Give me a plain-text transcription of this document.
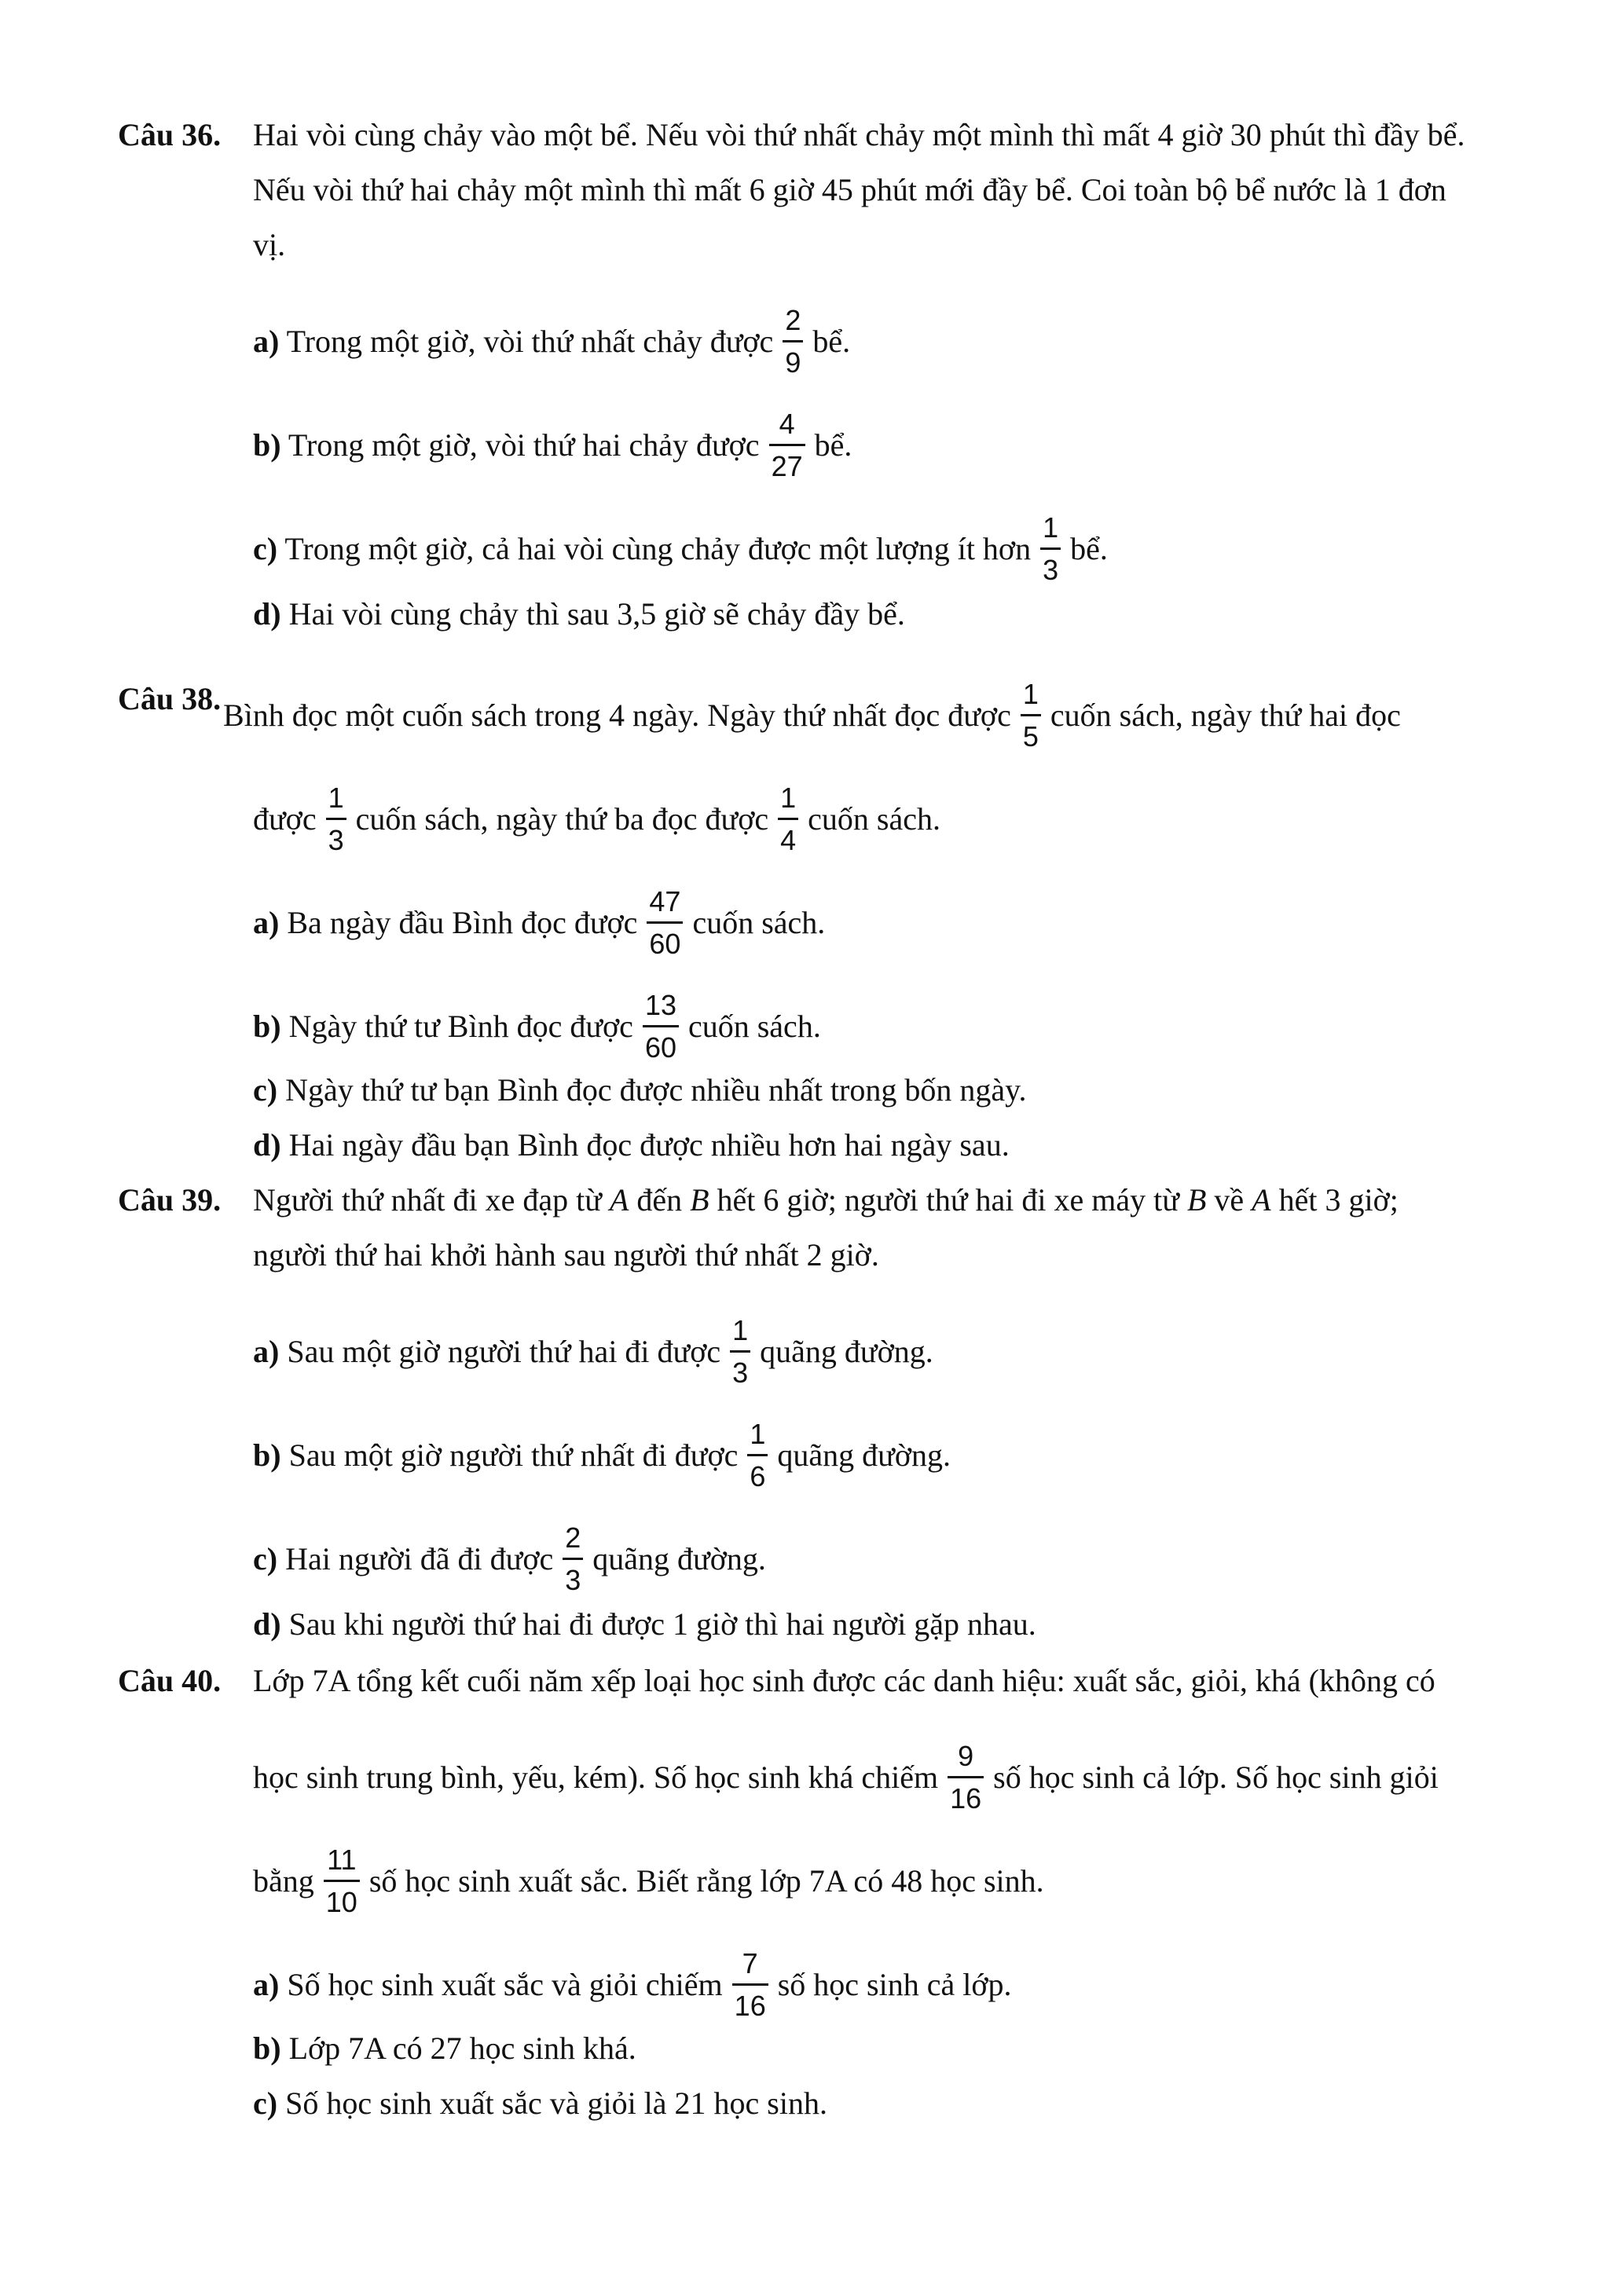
Câu 36. Hai vòi cùng chảy vào một bể. Nếu vòi thứ nhất chảy một mình thì mất 4 giờ 30 phút thì đầy bể.
Nếu vòi thứ hai chảy một mình thì mất 6 giờ 45 phút mới đầy bể. Coi toàn bộ bể nước là 1 đơn
vị.
a) Trong một giờ, vòi thứ nhất chảy được $\frac{2}{9}$ bể.
b) Trong một giờ, vòi thứ hai chảy được $\frac{4}{27}$ bể.
c) Trong một giờ, cả hai vòi cùng chảy được một lượng ít hơn $\frac{1}{3}$ bể.
d) Hai vòi cùng chảy thì sau 3,5 giờ sẽ chảy đầy bể.
Câu 38. Bình đọc một cuốn sách trong 4 ngày. Ngày thứ nhất đọc được $\frac{1}{5}$ cuốn sách, ngày thứ hai đọc
được $\frac{1}{3}$ cuốn sách, ngày thứ ba đọc được $\frac{1}{4}$ cuốn sách.
a) Ba ngày đầu Bình đọc được $\frac{47}{60}$ cuốn sách.
b) Ngày thứ tư Bình đọc được $\frac{13}{60}$ cuốn sách.
c) Ngày thứ tư bạn Bình đọc được nhiều nhất trong bốn ngày.
d) Hai ngày đầu bạn Bình đọc được nhiều hơn hai ngày sau.
Câu 39. Người thứ nhất đi xe đạp từ A đến B hết 6 giờ; người thứ hai đi xe máy từ B về A hết 3 giờ;
người thứ hai khởi hành sau người thứ nhất 2 giờ.
a) Sau một giờ người thứ hai đi được $\frac{1}{3}$ quãng đường.
b) Sau một giờ người thứ nhất đi được $\frac{1}{6}$ quãng đường.
c) Hai người đã đi được $\frac{2}{3}$ quãng đường.
d) Sau khi người thứ hai đi được 1 giờ thì hai người gặp nhau.
Câu 40. Lớp 7A tổng kết cuối năm xếp loại học sinh được các danh hiệu: xuất sắc, giỏi, khá (không có
học sinh trung bình, yếu, kém). Số học sinh khá chiếm $\frac{9}{16}$ số học sinh cả lớp. Số học sinh giỏi
bằng $\frac{11}{10}$ số học sinh xuất sắc. Biết rằng lớp 7A có 48 học sinh.
a) Số học sinh xuất sắc và giỏi chiếm $\frac{7}{16}$ số học sinh cả lớp.
b) Lớp 7A có 27 học sinh khá.
c) Số học sinh xuất sắc và giỏi là 21 học sinh.
